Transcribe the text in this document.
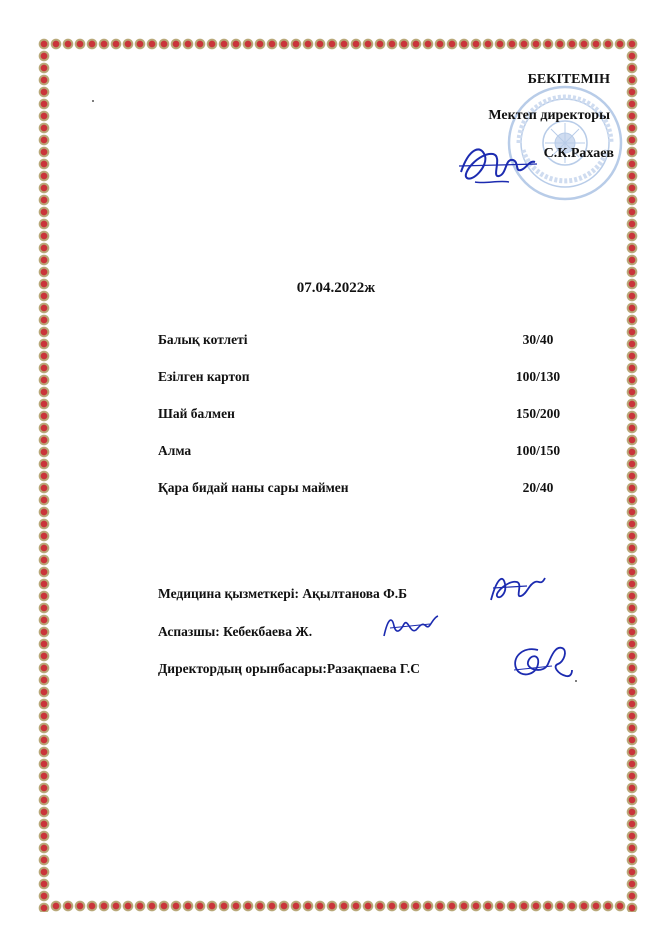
БЕКІТЕМІН
Мектеп директоры
С.К.Рахаев
07.04.2022ж
Балық котлеті	30/40
Езілген картоп	100/130
Шай балмен	150/200
Алма	100/150
Қара бидай наны сары маймен	20/40
Медицина қызметкері: Ақылтанова Ф.Б
Аспазшы: Кебекбаева Ж.
Директордың орынбасары:Разақпаева Г.С
